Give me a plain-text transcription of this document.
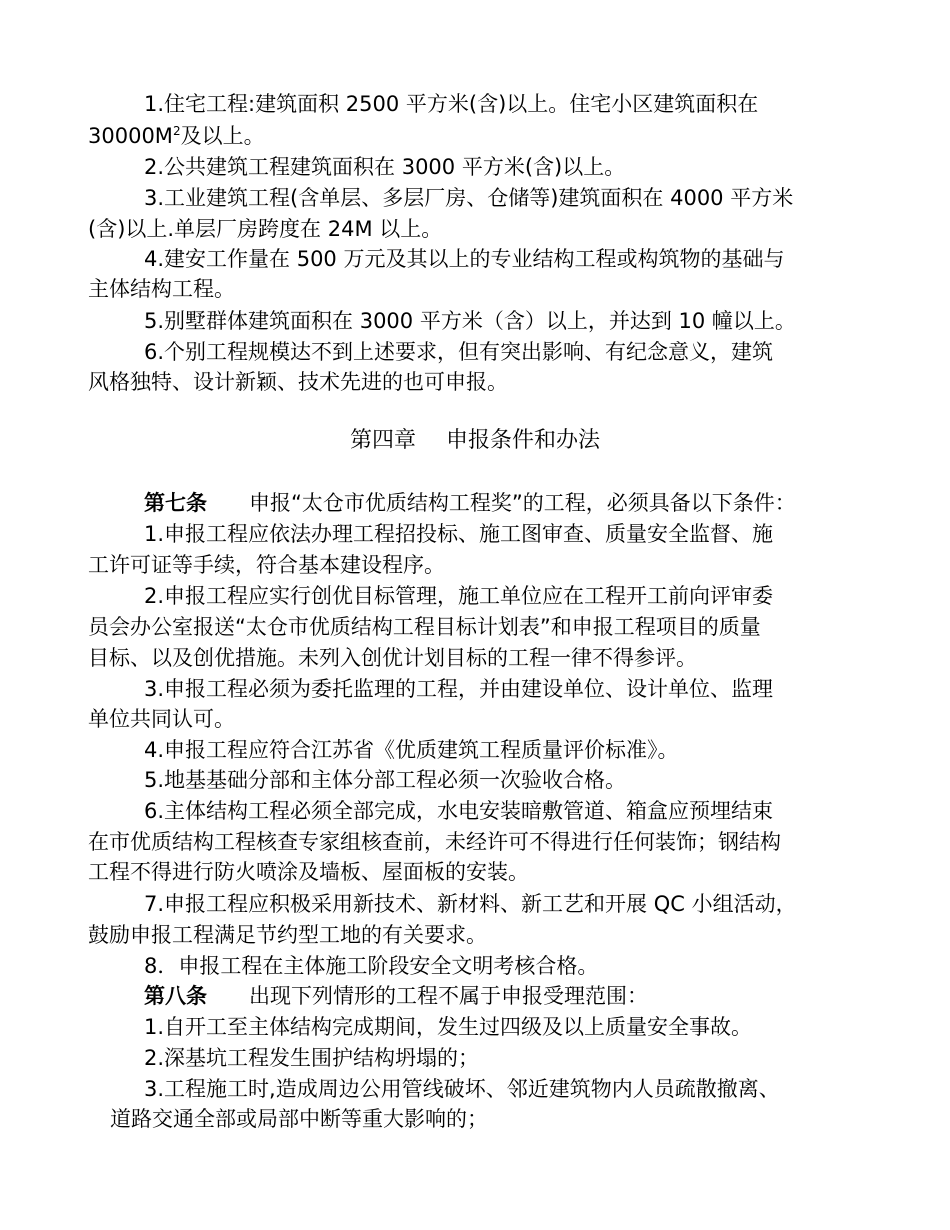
1.住宅工程:建筑面积 2500 平方米(含)以上。住宅小区建筑面积在
$30000M^2$及以上。
2.公共建筑工程建筑面积在 3000 平方米(含)以上。
3.工业建筑工程(含单层、多层厂房、仓储等)建筑面积在 4000 平方米
(含)以上.单层厂房跨度在 24M 以上。
4.建安工作量在 500 万元及其以上的专业结构工程或构筑物的基础与
主体结构工程。
5.别墅群体建筑面积在 3000 平方米（含）以上，并达到 10 幢以上。
6.个别工程规模达不到上述要求，但有突出影响、有纪念意义，建筑
风格独特、设计新颖、技术先进的也可申报。
第四章 申报条件和办法
第七条 申报“太仓市优质结构工程奖”的工程，必须具备以下条件：
1.申报工程应依法办理工程招投标、施工图审查、质量安全监督、施
工许可证等手续，符合基本建设程序。
2.申报工程应实行创优目标管理，施工单位应在工程开工前向评审委
员会办公室报送“太仓市优质结构工程目标计划表”和申报工程项目的质量
目标、以及创优措施。未列入创优计划目标的工程一律不得参评。
3.申报工程必须为委托监理的工程，并由建设单位、设计单位、监理
单位共同认可。
4.申报工程应符合江苏省《优质建筑工程质量评价标准》。
5.地基基础分部和主体分部工程必须一次验收合格。
6.主体结构工程必须全部完成，水电安装暗敷管道、箱盒应预埋结束
在市优质结构工程核查专家组核查前，未经许可不得进行任何装饰；钢结构
工程不得进行防火喷涂及墙板、屋面板的安装。
7.申报工程应积极采用新技术、新材料、新工艺和开展 QC 小组活动，
鼓励申报工程满足节约型工地的有关要求。
8．申报工程在主体施工阶段安全文明考核合格。
第八条 出现下列情形的工程不属于申报受理范围：
1.自开工至主体结构完成期间，发生过四级及以上质量安全事故。
2.深基坑工程发生围护结构坍塌的；
3.工程施工时,造成周边公用管线破坏、邻近建筑物内人员疏散撤离、
道路交通全部或局部中断等重大影响的；
